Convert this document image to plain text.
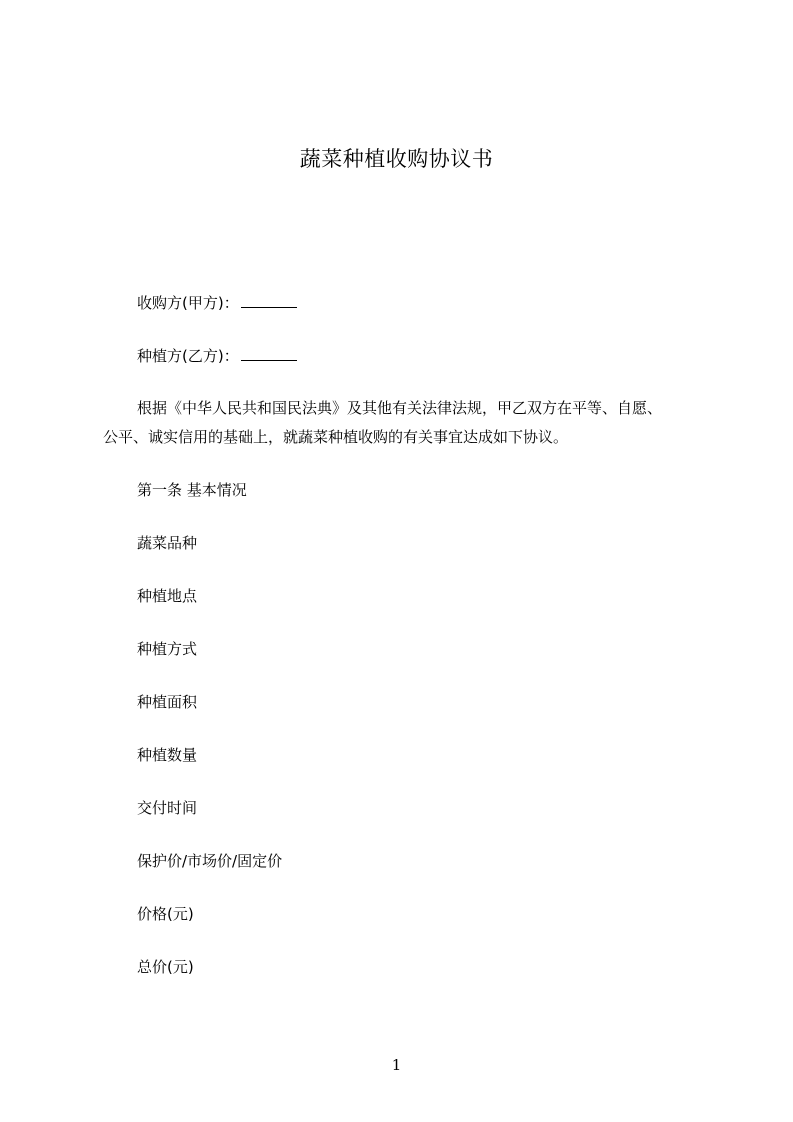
蔬菜种植收购协议书
收购方(甲方)：
种植方(乙方)：
根据《中华人民共和国民法典》及其他有关法律法规，甲乙双方在平等、自愿、
公平、诚实信用的基础上，就蔬菜种植收购的有关事宜达成如下协议。
第一条 基本情况
蔬菜品种
种植地点
种植方式
种植面积
种植数量
交付时间
保护价/市场价/固定价
价格(元)
总价(元)
1
